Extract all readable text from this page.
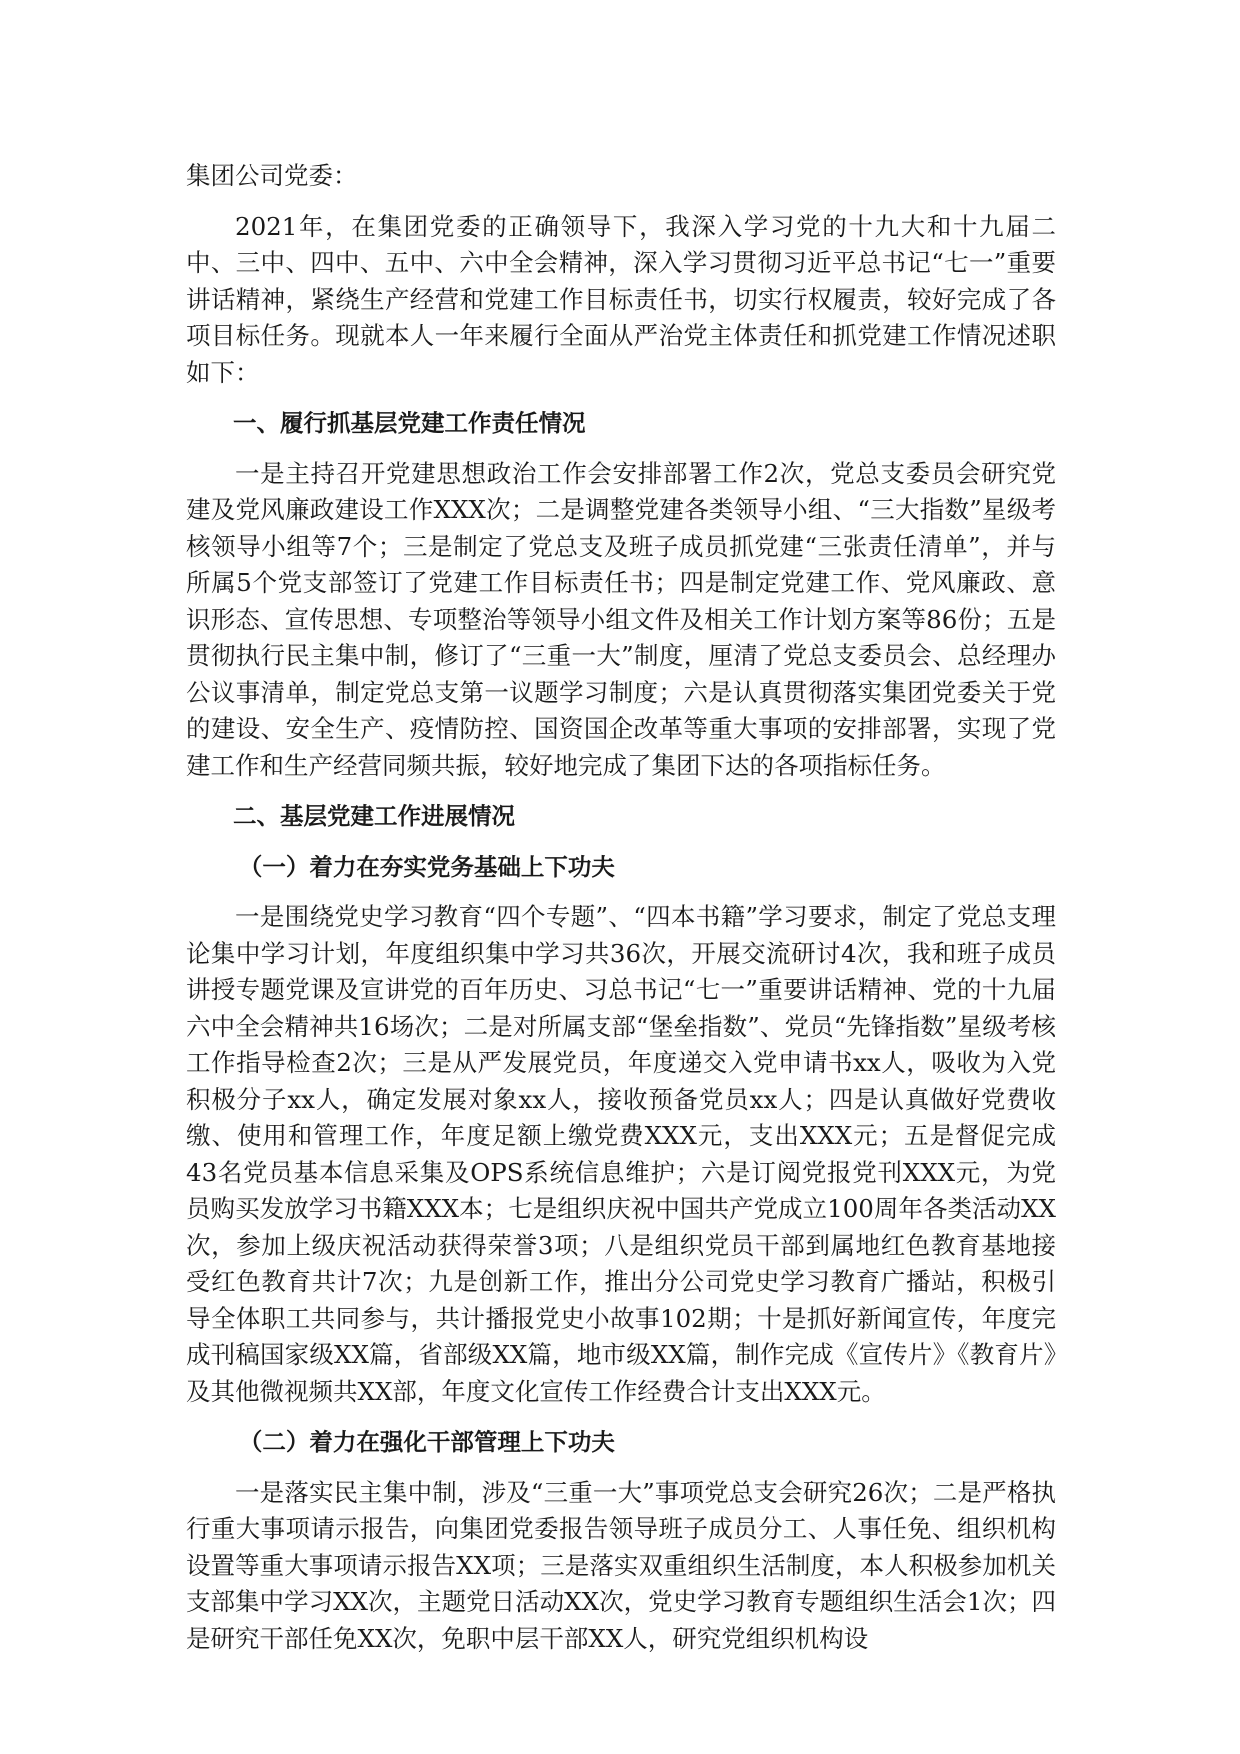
集团公司党委：

2021年，在集团党委的正确领导下，我深入学习党的十九大和十九届二中、三中、四中、五中、六中全会精神，深入学习贯彻习近平总书记“七一”重要讲话精神，紧绕生产经营和党建工作目标责任书，切实行权履责，较好完成了各项目标任务。现就本人一年来履行全面从严治党主体责任和抓党建工作情况述职如下：

一、履行抓基层党建工作责任情况

一是主持召开党建思想政治工作会安排部署工作2次，党总支委员会研究党建及党风廉政建设工作XXX次；二是调整党建各类领导小组、“三大指数”星级考核领导小组等7个；三是制定了党总支及班子成员抓党建“三张责任清单”，并与所属5个党支部签订了党建工作目标责任书；四是制定党建工作、党风廉政、意识形态、宣传思想、专项整治等领导小组文件及相关工作计划方案等86份；五是贯彻执行民主集中制，修订了“三重一大”制度，厘清了党总支委员会、总经理办公议事清单，制定党总支第一议题学习制度；六是认真贯彻落实集团党委关于党的建设、安全生产、疫情防控、国资国企改革等重大事项的安排部署，实现了党建工作和生产经营同频共振，较好地完成了集团下达的各项指标任务。

二、基层党建工作进展情况

（一）着力在夯实党务基础上下功夫

一是围绕党史学习教育“四个专题”、“四本书籍”学习要求，制定了党总支理论集中学习计划，年度组织集中学习共36次，开展交流研讨4次，我和班子成员讲授专题党课及宣讲党的百年历史、习总书记“七一”重要讲话精神、党的十九届六中全会精神共16场次；二是对所属支部“堡垒指数”、党员“先锋指数”星级考核工作指导检查2次；三是从严发展党员，年度递交入党申请书xx人，吸收为入党积极分子xx人，确定发展对象xx人，接收预备党员xx人；四是认真做好党费收缴、使用和管理工作，年度足额上缴党费XXX元，支出XXX元；五是督促完成43名党员基本信息采集及OPS系统信息维护；六是订阅党报党刊XXX元，为党员购买发放学习书籍XXX本；七是组织庆祝中国共产党成立100周年各类活动XX次，参加上级庆祝活动获得荣誉3项；八是组织党员干部到属地红色教育基地接受红色教育共计7次；九是创新工作，推出分公司党史学习教育广播站，积极引导全体职工共同参与，共计播报党史小故事102期；十是抓好新闻宣传，年度完成刊稿国家级XX篇，省部级XX篇，地市级XX篇，制作完成《宣传片》《教育片》及其他微视频共XX部，年度文化宣传工作经费合计支出XXX元。

（二）着力在强化干部管理上下功夫

一是落实民主集中制，涉及“三重一大”事项党总支会研究26次；二是严格执行重大事项请示报告，向集团党委报告领导班子成员分工、人事任免、组织机构设置等重大事项请示报告XX项；三是落实双重组织生活制度，本人积极参加机关支部集中学习XX次，主题党日活动XX次，党史学习教育专题组织生活会1次；四是研究干部任免XX次，免职中层干部XX人，研究党组织机构设
